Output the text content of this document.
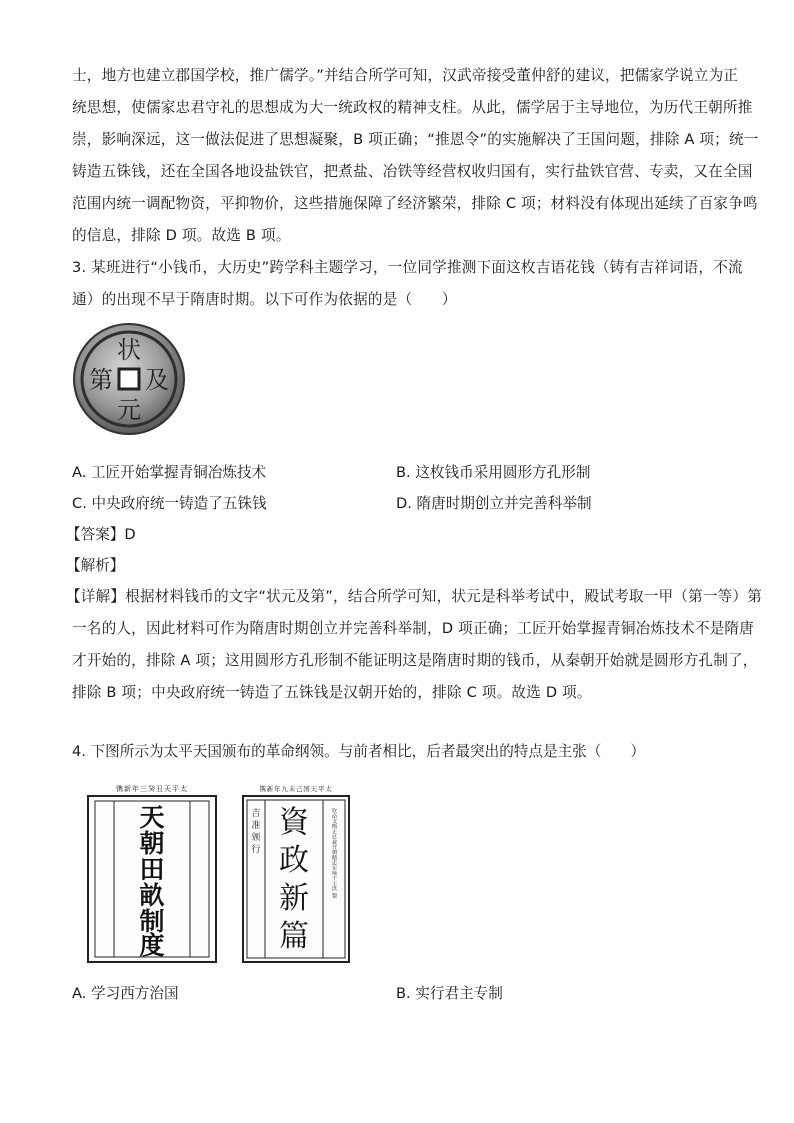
士，地方也建立郡国学校，推广儒学。”并结合所学可知，汉武帝接受董仲舒的建议，把儒家学说立为正
统思想，使儒家忠君守礼的思想成为大一统政权的精神支柱。从此，儒学居于主导地位，为历代王朝所推
崇，影响深远，这一做法促进了思想凝聚，B 项正确；“推恩令”的实施解决了王国问题，排除 A 项；统一
铸造五铢钱，还在全国各地设盐铁官，把煮盐、冶铁等经营权收归国有，实行盐铁官营、专卖，又在全国
范围内统一调配物资，平抑物价，这些措施保障了经济繁荣，排除 C 项；材料没有体现出延续了百家争鸣
的信息，排除 D 项。故选 B 项。
3. 某班进行“小钱币，大历史”跨学科主题学习，一位同学推测下面这枚吉语花钱（铸有吉祥词语，不流
通）的出现不早于隋唐时期。以下可作为依据的是（　　）
状
及
元
第
A. 工匠开始掌握青铜冶炼技术	B. 这枚钱币采用圆形方孔形制
C. 中央政府统一铸造了五铢钱	D. 隋唐时期创立并完善科举制
【答案】D
【解析】
【详解】根据材料钱币的文字“状元及第”，结合所学可知，状元是科举考试中，殿试考取一甲（第一等）第
一名的人，因此材料可作为隋唐时期创立并完善科举制，D 项正确；工匠开始掌握青铜冶炼技术不是隋唐
才开始的，排除 A 项；这用圆形方孔形制不能证明这是隋唐时期的钱币，从秦朝开始就是圆形方孔制了，
排除 B 项；中央政府统一铸造了五铢钱是汉朝开始的，排除 C 项。故选 D 项。
4. 下图所示为太平天国颁布的革命纲领。与前者相比，后者最突出的特点是主张（　　）
镌新年三癸丑天平太
天
朝
田
畝
制
度
镌新年九未己国天平太
吉
准
颁
行
資
政
新
篇
钦命文衡正总裁开朝精忠军师干王洪 製
A. 学习西方治国	B. 实行君主专制
